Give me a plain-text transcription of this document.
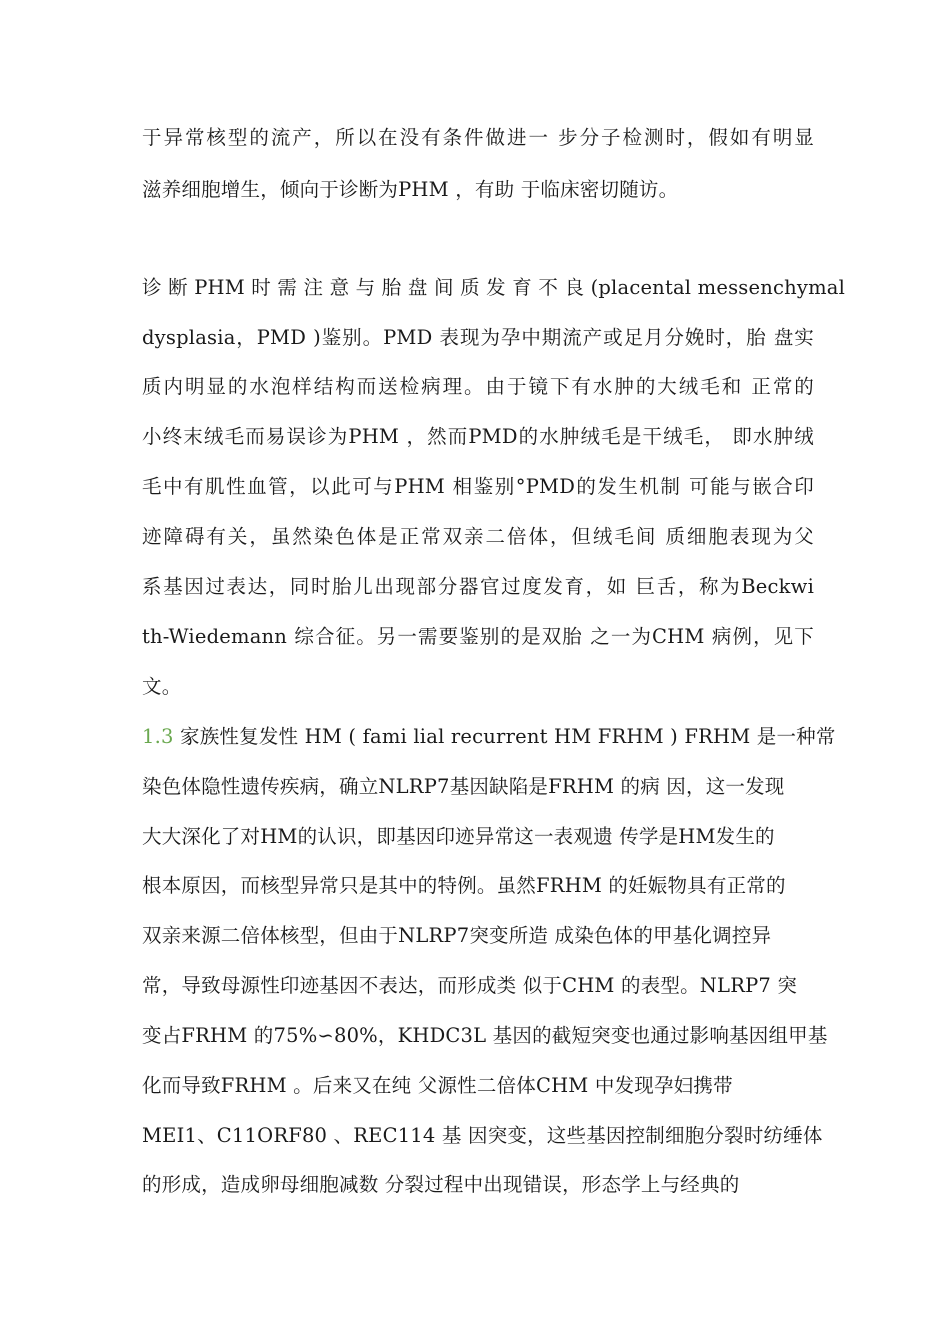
于异常核型的流产，所以在没有条件做进一 步分子检测时，假如有明显
滋养细胞增生，倾向于诊断为PHM ，有助 于临床密切随访。
诊 断 PHM 时 需 注 意 与 胎 盘 间 质 发 育 不 良 (placental messenchymal
dysplasia，PMD )鉴别。PMD 表现为孕中期流产或足月分娩时，胎 盘实
质内明显的水泡样结构而送检病理。由于镜下有水肿的大绒毛和 正常的
小终末绒毛而易误诊为PHM ，然而PMD的水肿绒毛是干绒毛， 即水肿绒
毛中有肌性血管，以此可与PHM 相鉴别°PMD的发生机制 可能与嵌合印
迹障碍有关，虽然染色体是正常双亲二倍体，但绒毛间 质细胞表现为父
系基因过表达，同时胎儿出现部分器官过度发育，如 巨舌，称为Beckwi
th-Wiedemann 综合征。另一需要鉴别的是双胎 之一为CHM 病例，见下
文。
1.3 家族性复发性 HM ( fami lial recurrent HM FRHM ) FRHM 是一种常
染色体隐性遗传疾病，确立NLRP7基因缺陷是FRHM 的病 因，这一发现
大大深化了对HM的认识，即基因印迹异常这一表观遗 传学是HM发生的
根本原因，而核型异常只是其中的特例。虽然FRHM 的妊娠物具有正常的
双亲来源二倍体核型，但由于NLRP7突变所造 成染色体的甲基化调控异
常，导致母源性印迹基因不表达，而形成类 似于CHM 的表型。NLRP7 突
变占FRHM 的75%∽80%，KHDC3L 基因的截短突变也通过影响基因组甲基
化而导致FRHM 。后来又在纯 父源性二倍体CHM 中发现孕妇携带
MEI1、C11ORF80 、REC114 基 因突变，这些基因控制细胞分裂时纺缍体
的形成，造成卵母细胞减数 分裂过程中出现错误，形态学上与经典的
